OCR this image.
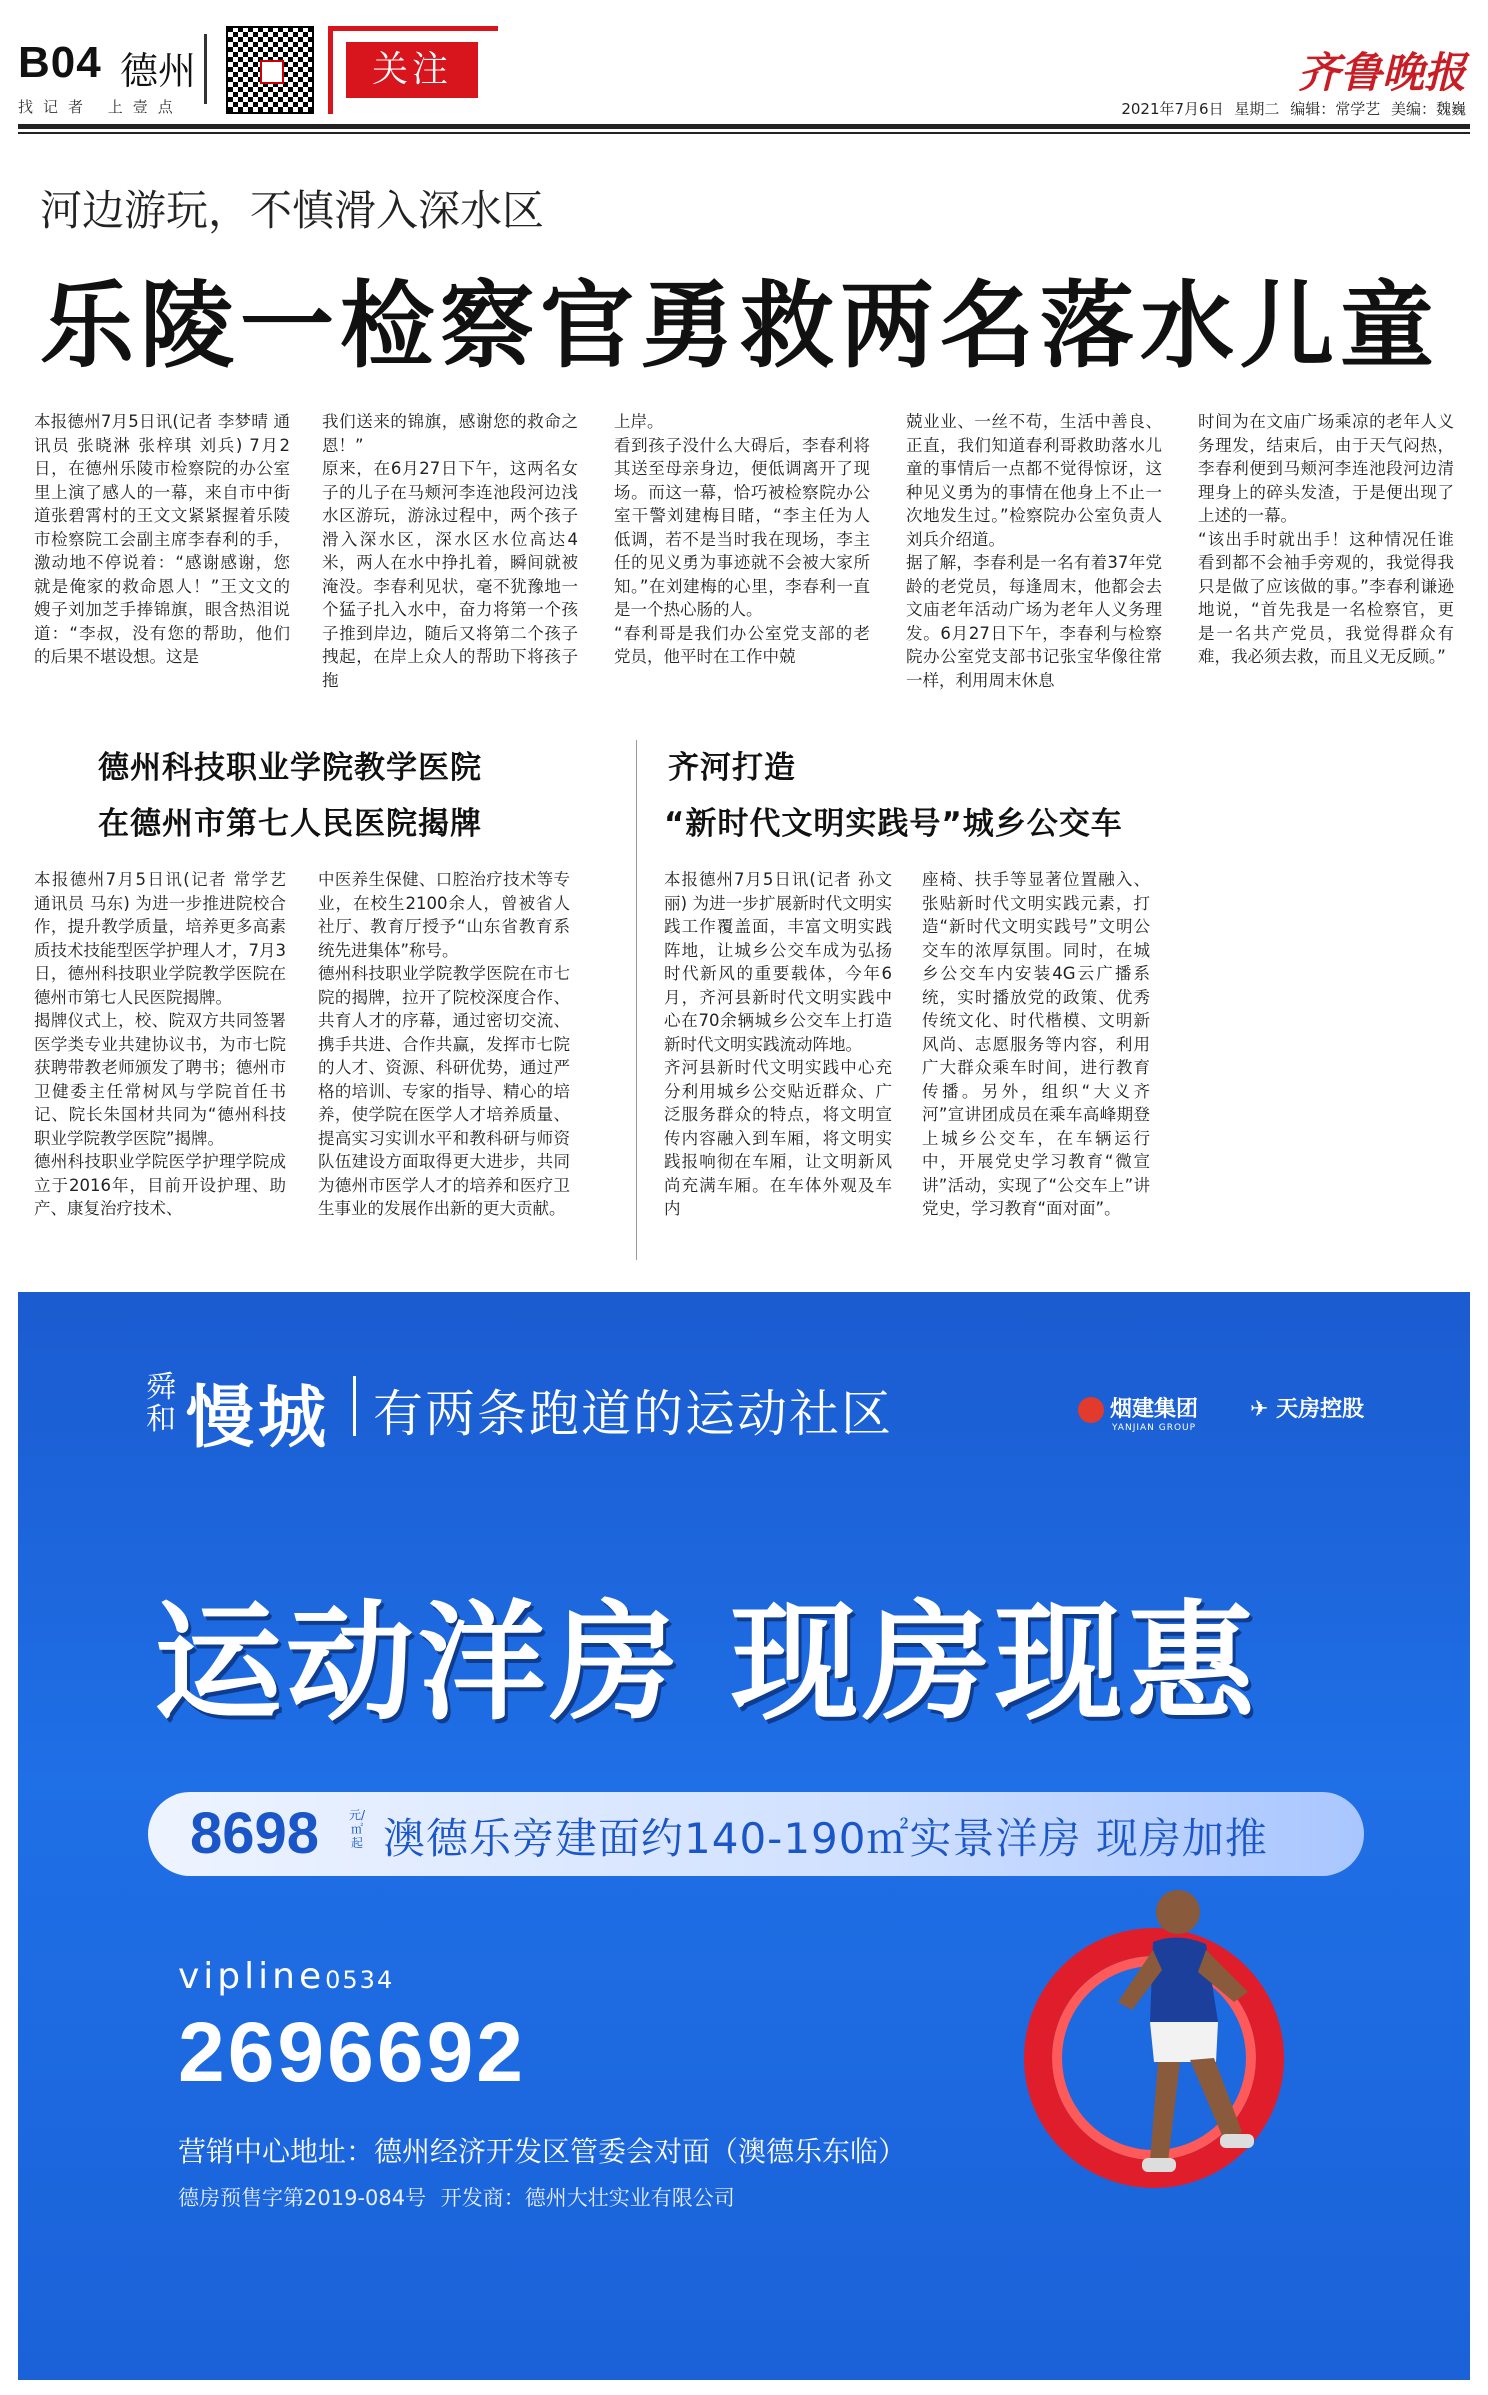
B04 德州
找记者 上壹点
关注	齐鲁晚报
2021年7月6日 星期二 编辑：常学艺 美编：魏巍
河边游玩，不慎滑入深水区
乐陵一检察官勇救两名落水儿童
本报德州7月5日讯(记者 李梦晴 通讯员 张晓淋 张梓琪 刘兵) 7月2日，在德州乐陵市检察院的办公室里上演了感人的一幕，来自市中街道张碧霄村的王文文紧紧握着乐陵市检察院工会副主席李春利的手，激动地不停说着：“感谢感谢，您就是俺家的救命恩人！”王文文的嫂子刘加芝手捧锦旗，眼含热泪说道：“李叔，没有您的帮助，他们的后果不堪设想。这是
我们送来的锦旗，感谢您的救命之恩！”
原来，在6月27日下午，这两名女子的儿子在马颊河李连池段河边浅水区游玩，游泳过程中，两个孩子滑入深水区，深水区水位高达4米，两人在水中挣扎着，瞬间就被淹没。李春利见状，毫不犹豫地一个猛子扎入水中，奋力将第一个孩子推到岸边，随后又将第二个孩子拽起，在岸上众人的帮助下将孩子拖
上岸。
看到孩子没什么大碍后，李春利将其送至母亲身边，便低调离开了现场。而这一幕，恰巧被检察院办公室干警刘建梅目睹，“李主任为人低调，若不是当时我在现场，李主任的见义勇为事迹就不会被大家所知。”在刘建梅的心里，李春利一直是一个热心肠的人。
“春利哥是我们办公室党支部的老党员，他平时在工作中兢
兢业业、一丝不苟，生活中善良、正直，我们知道春利哥救助落水儿童的事情后一点都不觉得惊讶，这种见义勇为的事情在他身上不止一次地发生过。”检察院办公室负责人刘兵介绍道。
据了解，李春利是一名有着37年党龄的老党员，每逢周末，他都会去文庙老年活动广场为老年人义务理发。6月27日下午，李春利与检察院办公室党支部书记张宝华像往常一样，利用周末休息
时间为在文庙广场乘凉的老年人义务理发，结束后，由于天气闷热，李春利便到马颊河李连池段河边清理身上的碎头发渣，于是便出现了上述的一幕。
“该出手时就出手！这种情况任谁看到都不会袖手旁观的，我觉得我只是做了应该做的事。”李春利谦逊地说，“首先我是一名检察官，更是一名共产党员，我觉得群众有难，我必须去救，而且义无反顾。”
德州科技职业学院教学医院
在德州市第七人民医院揭牌
本报德州7月5日讯(记者 常学艺 通讯员 马东) 为进一步推进院校合作，提升教学质量，培养更多高素质技术技能型医学护理人才，7月3日，德州科技职业学院教学医院在德州市第七人民医院揭牌。
揭牌仪式上，校、院双方共同签署医学类专业共建协议书，为市七院获聘带教老师颁发了聘书；德州市卫健委主任常树风与学院首任书记、院长朱国材共同为“德州科技职业学院教学医院”揭牌。
德州科技职业学院医学护理学院成立于2016年，目前开设护理、助产、康复治疗技术、
中医养生保健、口腔治疗技术等专业，在校生2100余人，曾被省人社厅、教育厅授予“山东省教育系统先进集体”称号。
德州科技职业学院教学医院在市七院的揭牌，拉开了院校深度合作、共育人才的序幕，通过密切交流、携手共进、合作共赢，发挥市七院的人才、资源、科研优势，通过严格的培训、专家的指导、精心的培养，使学院在医学人才培养质量、提高实习实训水平和教科研与师资队伍建设方面取得更大进步，共同为德州市医学人才的培养和医疗卫生事业的发展作出新的更大贡献。
齐河打造
“新时代文明实践号”城乡公交车
本报德州7月5日讯(记者 孙文丽) 为进一步扩展新时代文明实践工作覆盖面，丰富文明实践阵地，让城乡公交车成为弘扬时代新风的重要载体，今年6月，齐河县新时代文明实践中心在70余辆城乡公交车上打造新时代文明实践流动阵地。
齐河县新时代文明实践中心充分利用城乡公交贴近群众、广泛服务群众的特点，将文明宣传内容融入到车厢，将文明实践报响彻在车厢，让文明新风尚充满车厢。在车体外观及车内
座椅、扶手等显著位置融入、张贴新时代文明实践元素，打造“新时代文明实践号”文明公交车的浓厚氛围。同时，在城乡公交车内安装4G云广播系统，实时播放党的政策、优秀传统文化、时代楷模、文明新风尚、志愿服务等内容，利用广大群众乘车时间，进行教育传播。另外，组织“大义齐河”宣讲团成员在乘车高峰期登上城乡公交车，在车辆运行中，开展党史学习教育“微宣讲”活动，实现了“公交车上”讲党史，学习教育“面对面”。
舜和 慢城 有两条跑道的运动社区	烟建集团
YANJIAN GROUP
✈ 天房控股
运动洋房 现房现惠
8698 元/㎡起 澳德乐旁建面约140-190㎡实景洋房 现房加推
vipline0534
2696692
营销中心地址：德州经济开发区管委会对面（澳德乐东临）
德房预售字第2019-084号 开发商：德州大壮实业有限公司
